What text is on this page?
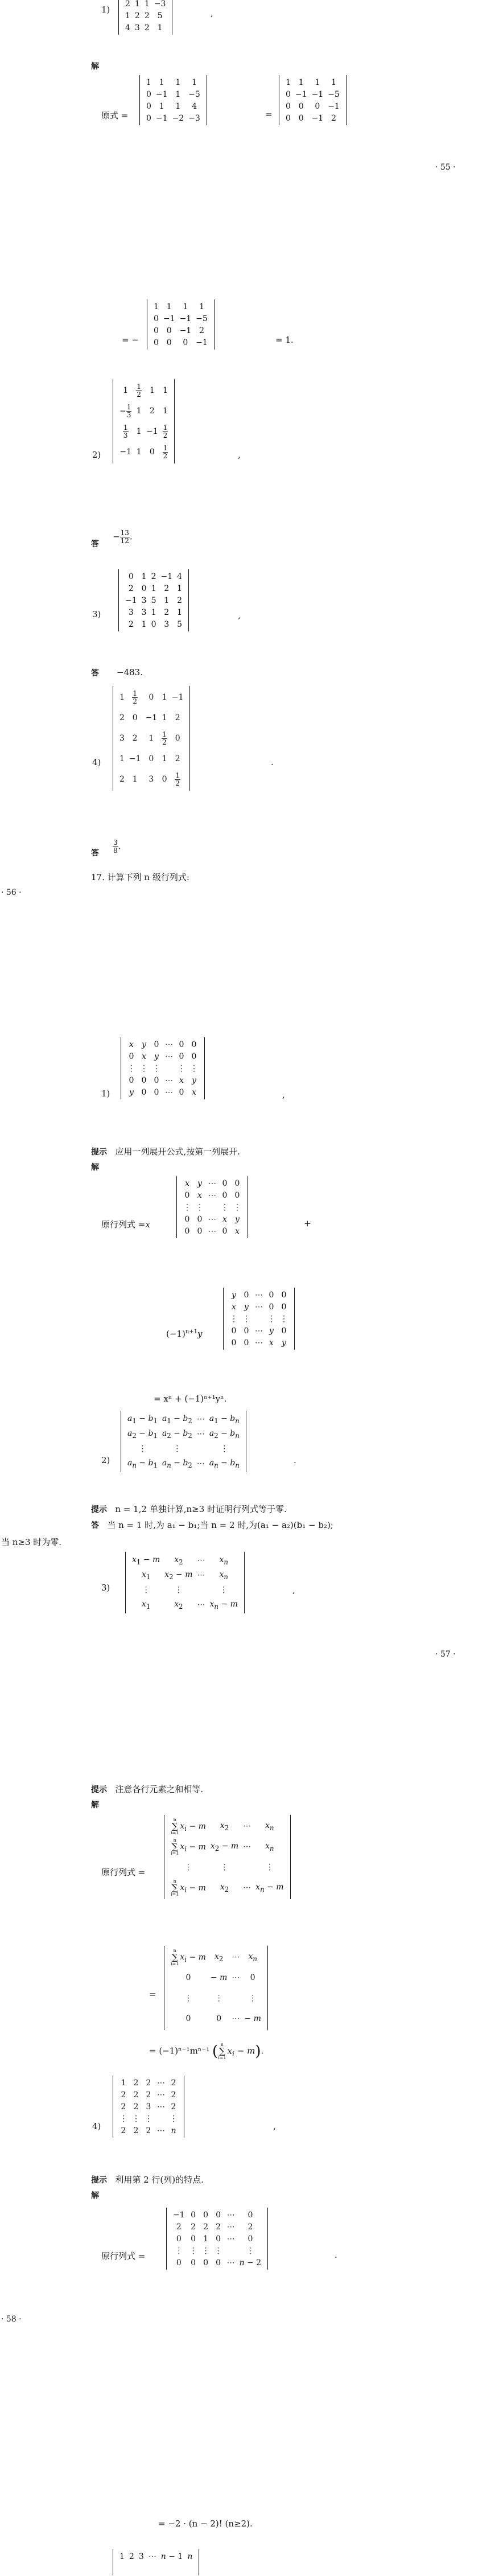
1)
2	1	1	−3
1	2	2	5
4	3	2	1
,
解
原式 =
1	1	1	1
0	−1	1	−5
0	1	1	4
0	−1	−2	−3	=
1	1	1	1
0	−1	−1	−5
0	0	0	−1
0	0	−1	2
· 55 ·
= −
1	1	1	1
0	−1	−1	−5
0	0	−1	2
0	0	0	−1	= 1.
2)
1	$\frac{1}{2}$	1	1
− $\frac{1}{3}$	1	2	1

$\frac{1}{3}$	1	−1	$\frac{1}{2}$

−1	1	0	$\frac{1}{2}$	,
答
− $\frac{13}{12}$ .
3)
0	1	2	−1	4
2	0	1	2	1
−1	3	5	1	2
3	3	1	2	1
2	1	0	3	5
,
答 −483.
4)
1	$\frac{1}{2}$	0	1	−1
2	0	−1	1	2
3	2	1	$\frac{1}{2}$	0
1	−1	0	1	2
2	1	3	0	$\frac{1}{2}$
.
答 $\frac{3}{8}$ .
17. 计算下列 n 级行列式:
· 56 ·
1)
x	y	0	⋯	0	0
0	x	y	⋯	0	0
⋮	⋮	⋮		⋮	⋮
0	0	0	⋯	x	y
y	0	0	⋯	0	x	,
提示 应用一列展开公式,按第一列展开.
解
原行列式 =x
x	y	⋯	0	0
0	x	⋯	0	0
⋮	⋮		⋮	⋮
0	0	⋯	x	y
0	0	⋯	0	x
+
$(-1)^{n+1}y$
y	0	⋯	0	0
x	y	⋯	0	0
⋮	⋮		⋮	⋮
0	0	⋯	y	0
0	0	⋯	x	y
= xⁿ + (−1)ⁿ⁺¹yⁿ.
2)
$a_1 - b_1$	$a_1 - b_2$	⋯	$a_1 - b_n$
$a_2 - b_1$	$a_2 - b_2$	⋯	$a_2 - b_n$
⋮	⋮		⋮
$a_n - b_1$	$a_n - b_2$	⋯	$a_n - b_n$	.
提示 n = 1,2 单独计算,n≥3 时证明行列式等于零.
答 当 n = 1 时,为 a₁ − b₁;当 n = 2 时,为(a₁ − a₂)(b₁ − b₂);
当 n≥3 时为零.
3)
$x_1 - m$	$x_2$	⋯	$x_n$
$x_1$	$x_2 - m$	⋯	$x_n$
⋮	⋮		⋮
$x_1$	$x_2$	⋯	$x_n - m$
,
· 57 ·
提示 注意各行元素之和相等.
解
原行列式 =
n
∑
$i=1x_i - m$	$x_2$	⋯	$x_n$
n
∑
$i=1x_i - m$	$x_2 - m$	⋯	$x_n$
⋮	⋮		⋮
n
∑
$i=1x_i - m$	$x_2$	⋯	$x_n - m$
=
n
∑
$i=1x_i - m$	$x_2$	⋯	$x_n$
0	− m	⋯	0
⋮	⋮		⋮
0	0	⋯	− m
= (−1)ⁿ⁻¹mⁿ⁻¹ ( n
∑
$i=1x_i - m$).
4)
1	2	2	⋯	2
2	2	2	⋯	2
2	2	3	⋯	2
⋮	⋮	⋮		⋮
2	2	2	⋯	n	,
提示 利用第 2 行(列)的特点.
解
原行列式 =
−1	0	0	0	⋯	0
2	2	2	2	⋯	2
0	0	1	0	⋯	0
⋮	⋮	⋮	⋮		⋮
0	0	0	0	⋯	n − 2
.
· 58 ·
= −2 · (n − 2)! (n≥2).
1	2	3	⋯	n − 1	n
